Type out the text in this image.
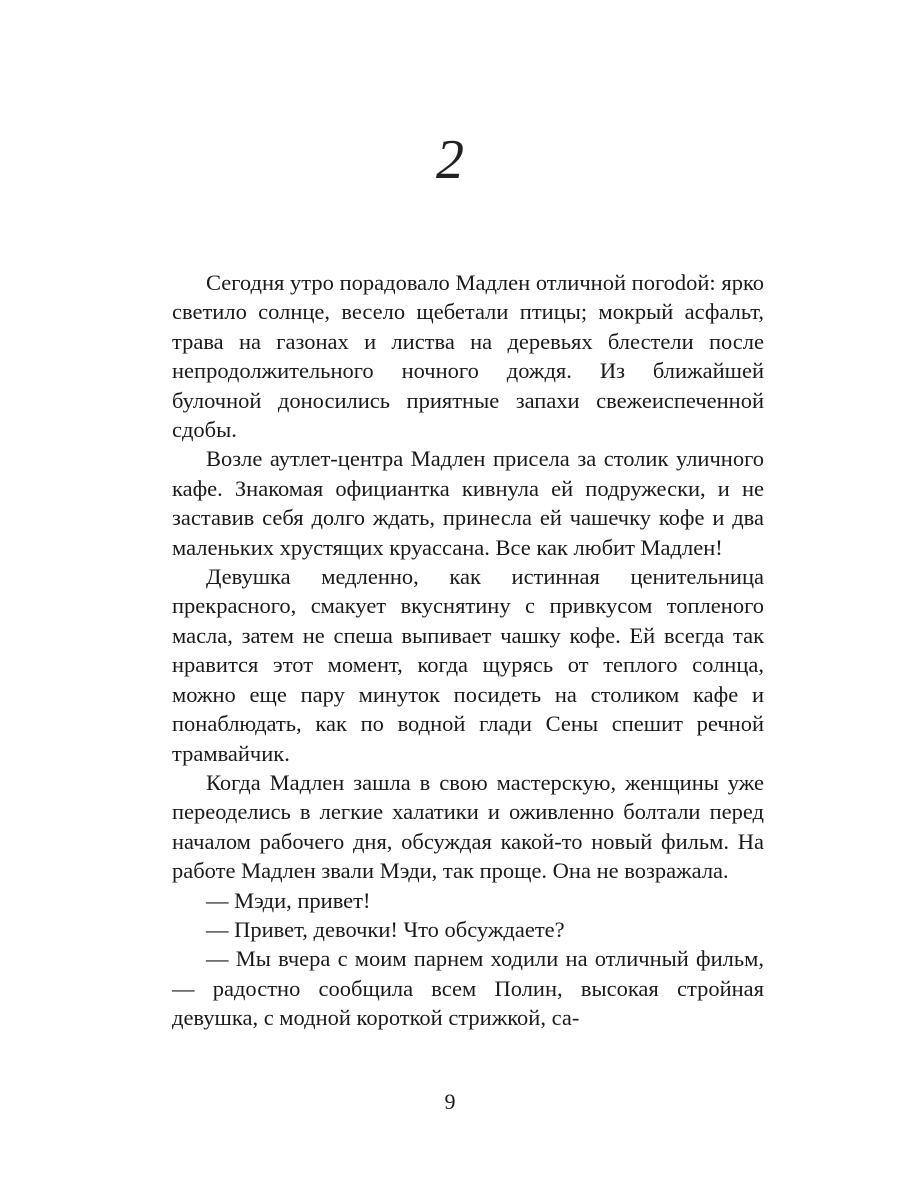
2

Сегодня утро порадовало Мадлен отличной погоdой: ярко светило солнце, весело щебетали птицы; мокрый асфальт, трава на газонах и листва на деревьях блестели после непродолжительного ночного дождя. Из ближайшей булочной доносились приятные запахи свежеиспеченной сдобы.

Возле аутлет-центра Мадлен присела за столик уличного кафе. Знакомая официантка кивнула ей подружески, и не заставив себя долго ждать, принесла ей чашечку кофе и два маленьких хрустящих круассана. Все как любит Мадлен!

Девушка медленно, как истинная ценительница прекрасного, смакует вкуснятину с привкусом топленого масла, затем не спеша выпивает чашку кофе. Ей всегда так нравится этот момент, когда щурясь от теплого солнца, можно еще пару минуток посидеть на столиком кафе и понаблюдать, как по водной глади Сены спешит речной трамвайчик.

Когда Мадлен зашла в свою мастерскую, женщины уже переоделись в легкие халатики и оживленно болтали перед началом рабочего дня, обсуждая какой-то новый фильм. На работе Мадлен звали Мэди, так проще. Она не возражала.

— Мэди, привет!

— Привет, девочки! Что обсуждаете?

— Мы вчера с моим парнем ходили на отличный фильм, — радостно сообщила всем Полин, высокая стройная девушка, с модной короткой стрижкой, са-

9
